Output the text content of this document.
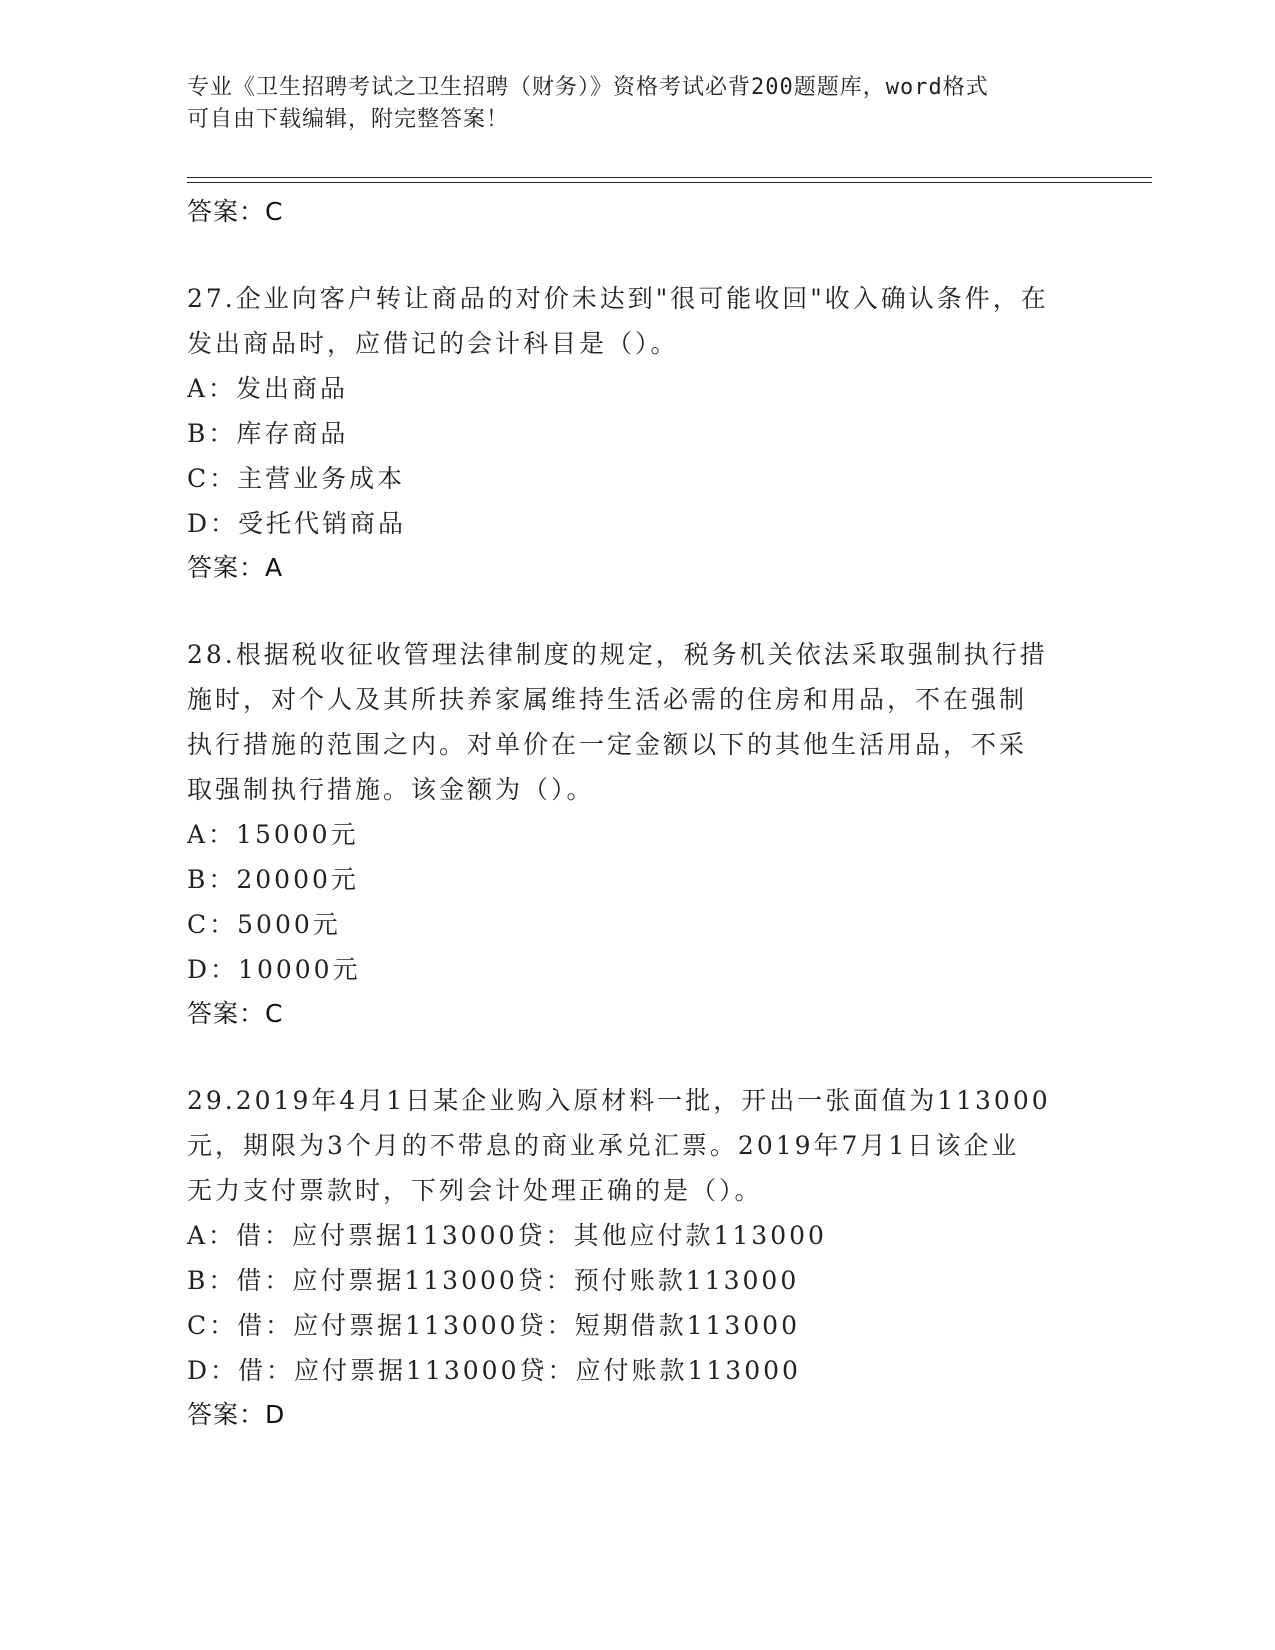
专业《卫生招聘考试之卫生招聘（财务）》资格考试必背200题题库，word格式
可自由下载编辑，附完整答案！
答案：C
27.企业向客户转让商品的对价未达到"很可能收回"收入确认条件，在
发出商品时，应借记的会计科目是（）。
A：发出商品
B：库存商品
C：主营业务成本
D：受托代销商品
答案：A
28.根据税收征收管理法律制度的规定，税务机关依法采取强制执行措
施时，对个人及其所扶养家属维持生活必需的住房和用品，不在强制
执行措施的范围之内。对单价在一定金额以下的其他生活用品，不采
取强制执行措施。该金额为（）。
A：15000元
B：20000元
C：5000元
D：10000元
答案：C
29.2019年4月1日某企业购入原材料一批，开出一张面值为113000
元，期限为3个月的不带息的商业承兑汇票。2019年7月1日该企业
无力支付票款时，下列会计处理正确的是（）。
A：借：应付票据113000贷：其他应付款113000
B：借：应付票据113000贷：预付账款113000
C：借：应付票据113000贷：短期借款113000
D：借：应付票据113000贷：应付账款113000
答案：D
